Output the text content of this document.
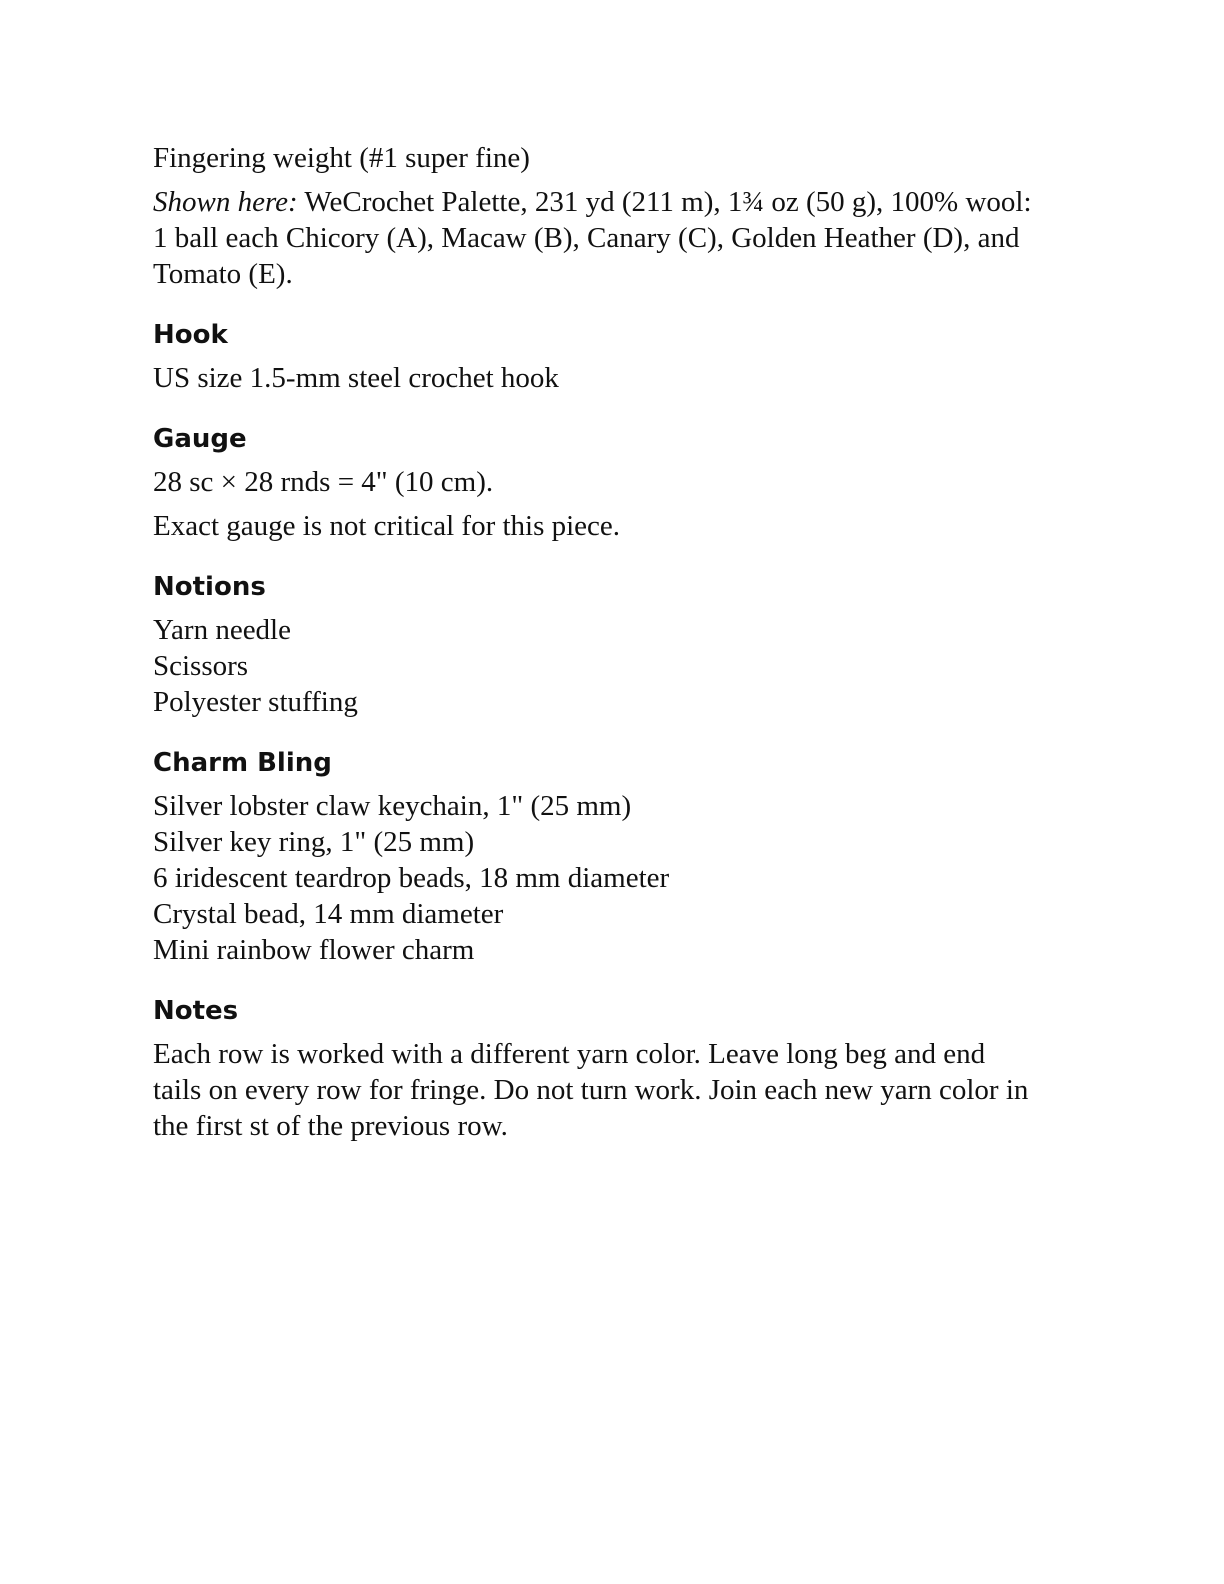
Fingering weight (#1 super fine)

Shown here: WeCrochet Palette, 231 yd (211 m), 1¾ oz (50 g), 100% wool:
1 ball each Chicory (A), Macaw (B), Canary (C), Golden Heather (D), and
Tomato (E).

Hook

US size 1.5-mm steel crochet hook

Gauge

28 sc × 28 rnds = 4" (10 cm).

Exact gauge is not critical for this piece.

Notions

Yarn needle
Scissors
Polyester stuffing

Charm Bling

Silver lobster claw keychain, 1" (25 mm)
Silver key ring, 1" (25 mm)
6 iridescent teardrop beads, 18 mm diameter
Crystal bead, 14 mm diameter
Mini rainbow flower charm

Notes

Each row is worked with a different yarn color. Leave long beg and end
tails on every row for fringe. Do not turn work. Join each new yarn color in
the first st of the previous row.
